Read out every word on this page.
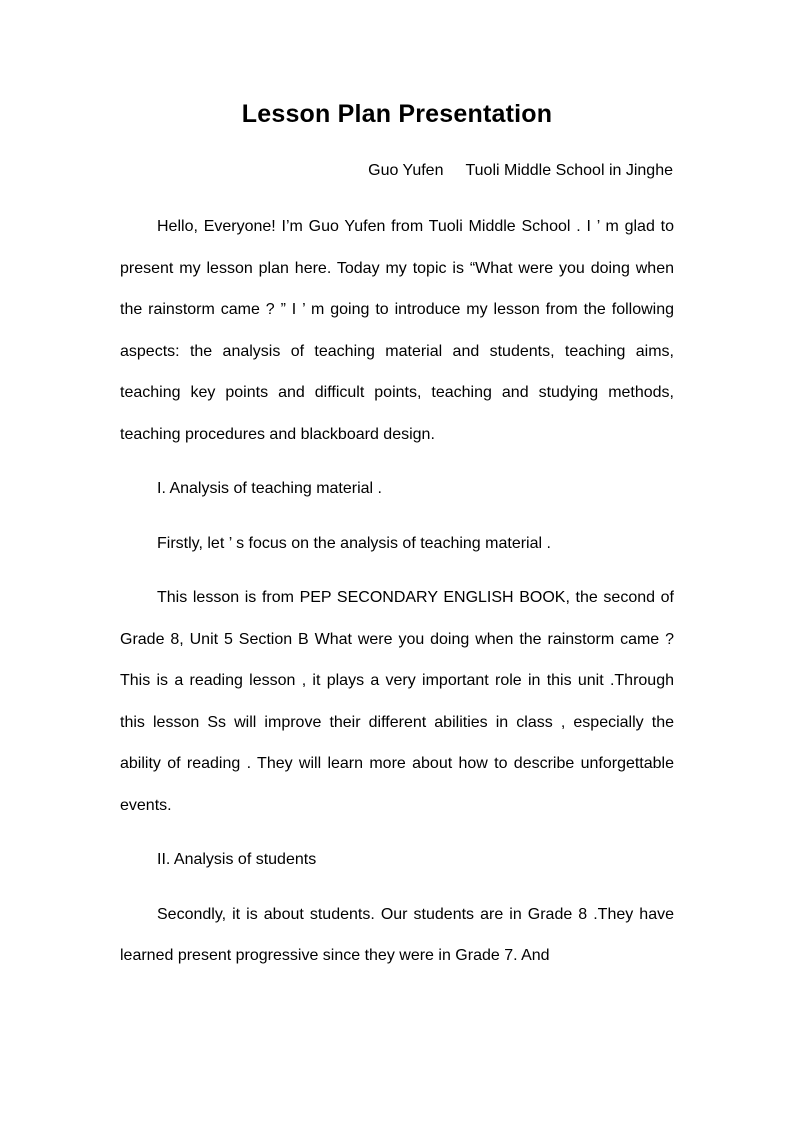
Lesson Plan Presentation
Guo Yufen Tuoli Middle School in Jinghe

Hello, Everyone! I’m Guo Yufen from Tuoli Middle School . I ’ m glad to present my lesson plan here. Today my topic is “What were you doing when the rainstorm came ? ” I ’ m going to introduce my lesson from the following aspects: the analysis of teaching material and students, teaching aims, teaching key points and difficult points, teaching and studying methods, teaching procedures and blackboard design.

I. Analysis of teaching material .

Firstly, let ’ s focus on the analysis of teaching material .

This lesson is from PEP SECONDARY ENGLISH BOOK, the second of Grade 8, Unit 5 Section B What were you doing when the rainstorm came ? This is a reading lesson , it plays a very important role in this unit .Through this lesson Ss will improve their different abilities in class , especially the ability of reading . They will learn more about how to describe unforgettable events.

II. Analysis of students

Secondly, it is about students. Our students are in Grade 8 .They have learned present progressive since they were in Grade 7. And
